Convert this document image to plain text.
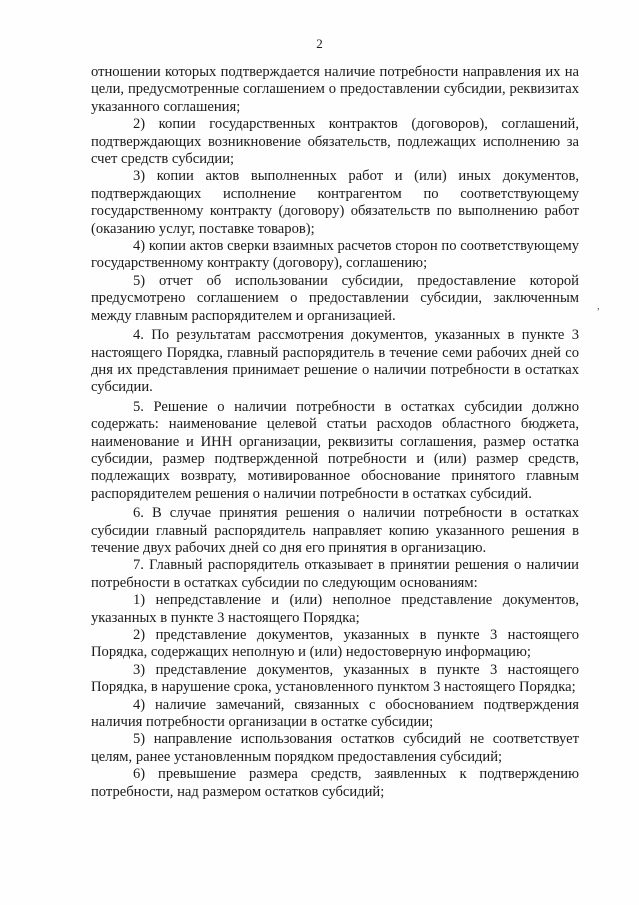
2

отношении которых подтверждается наличие потребности направления их на цели, предусмотренные соглашением о предоставлении субсидии, реквизитах указанного соглашения;

2) копии государственных контрактов (договоров), соглашений, подтверждающих возникновение обязательств, подлежащих исполнению за счет средств субсидии;

3) копии актов выполненных работ и (или) иных документов, подтверждающих исполнение контрагентом по соответствующему государственному контракту (договору) обязательств по выполнению работ (оказанию услуг, поставке товаров);

4) копии актов сверки взаимных расчетов сторон по соответствующему государственному контракту (договору), соглашению;

5) отчет об использовании субсидии, предоставление которой предусмотрено соглашением о предоставлении субсидии, заключенным между главным распорядителем и организацией.

4. По результатам рассмотрения документов, указанных в пункте 3 настоящего Порядка, главный распорядитель в течение семи рабочих дней со дня их представления принимает решение о наличии потребности в остатках субсидии.

5. Решение о наличии потребности в остатках субсидии должно содержать: наименование целевой статьи расходов областного бюджета, наименование и ИНН организации, реквизиты соглашения, размер остатка субсидии, размер подтвержденной потребности и (или) размер средств, подлежащих возврату, мотивированное обоснование принятого главным распорядителем решения о наличии потребности в остатках субсидий.

6. В случае принятия решения о наличии потребности в остатках субсидии главный распорядитель направляет копию указанного решения в течение двух рабочих дней со дня его принятия в организацию.

7. Главный распорядитель отказывает в принятии решения о наличии потребности в остатках субсидии по следующим основаниям:

1) непредставление и (или) неполное представление документов, указанных в пункте 3 настоящего Порядка;

2) представление документов, указанных в пункте 3 настоящего Порядка, содержащих неполную и (или) недостоверную информацию;

3) представление документов, указанных в пункте 3 настоящего Порядка, в нарушение срока, установленного пунктом 3 настоящего Порядка;

4) наличие замечаний, связанных с обоснованием подтверждения наличия потребности организации в остатке субсидии;

5) направление использования остатков субсидий не соответствует целям, ранее установленным порядком предоставления субсидий;

6) превышение размера средств, заявленных к подтверждению потребности, над размером остатков субсидий;

,
